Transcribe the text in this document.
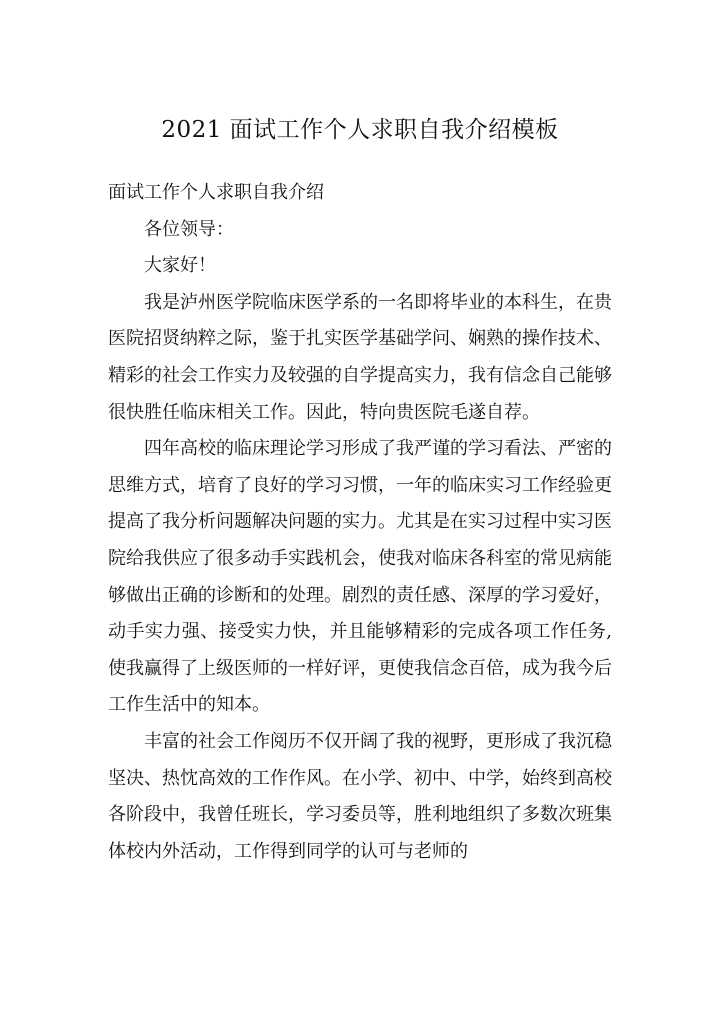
2021 面试工作个人求职自我介绍模板

面试工作个人求职自我介绍

各位领导：

大家好！

我是泸州医学院临床医学系的一名即将毕业的本科生，在贵医院招贤纳粹之际，鉴于扎实医学基础学问、娴熟的操作技术、精彩的社会工作实力及较强的自学提高实力，我有信念自己能够很快胜任临床相关工作。因此，特向贵医院毛遂自荐。

四年高校的临床理论学习形成了我严谨的学习看法、严密的思维方式，培育了良好的学习习惯，一年的临床实习工作经验更提高了我分析问题解决问题的实力。尤其是在实习过程中实习医院给我供应了很多动手实践机会，使我对临床各科室的常见病能够做出正确的诊断和的处理。剧烈的责任感、深厚的学习爱好，动手实力强、接受实力快，并且能够精彩的完成各项工作任务,使我赢得了上级医师的一样好评，更使我信念百倍，成为我今后工作生活中的知本。

丰富的社会工作阅历不仅开阔了我的视野，更形成了我沉稳坚决、热忱高效的工作作风。在小学、初中、中学，始终到高校各阶段中，我曾任班长，学习委员等，胜利地组织了多数次班集体校内外活动，工作得到同学的认可与老师的
